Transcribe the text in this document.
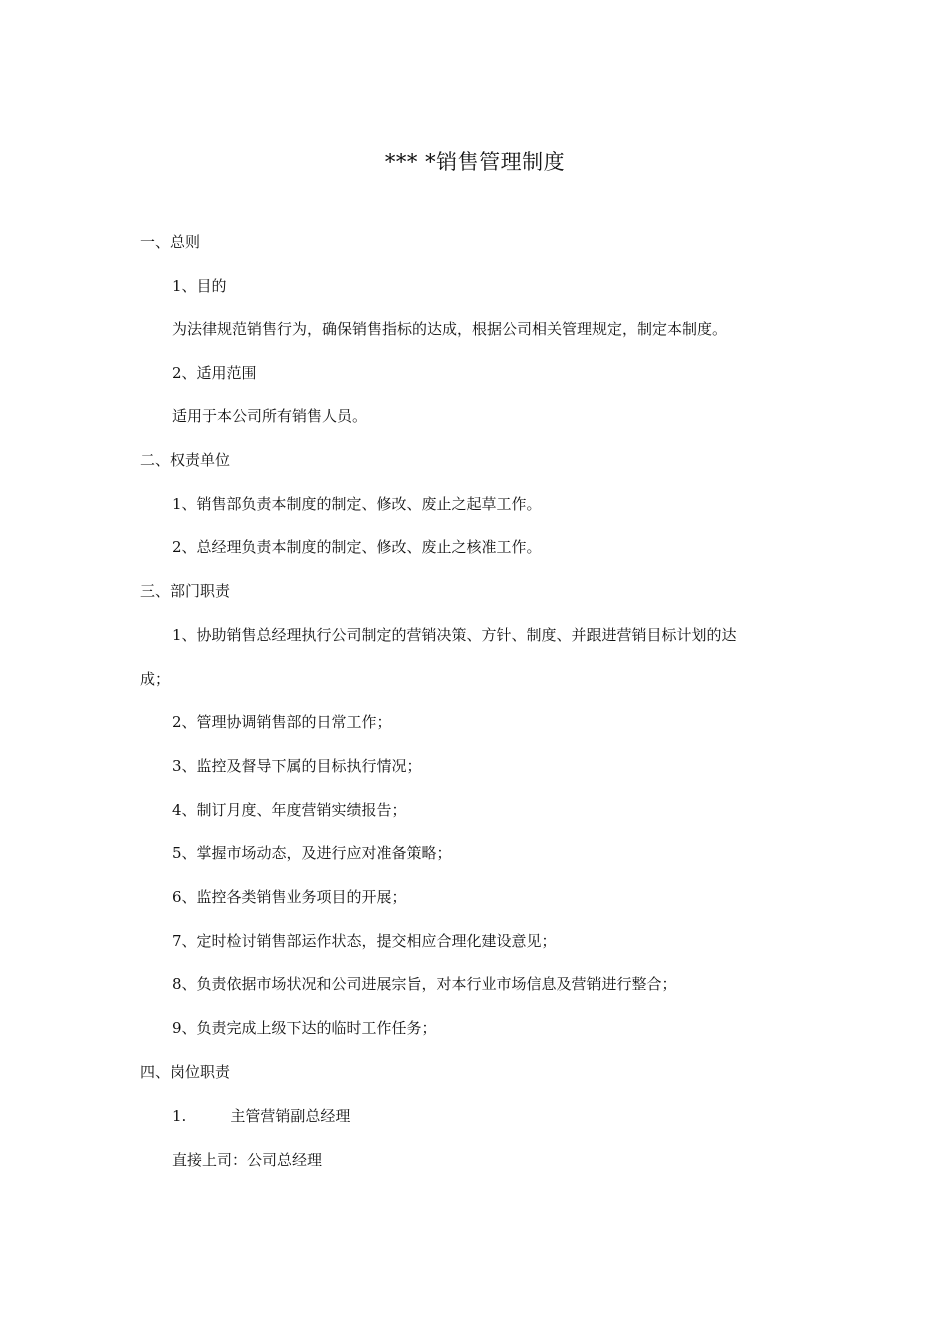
*** *销售管理制度
一、总则
1、目的
为法律规范销售行为，确保销售指标的达成，根据公司相关管理规定，制定本制度。
2、适用范围
适用于本公司所有销售人员。
二、权责单位
1、销售部负责本制度的制定、修改、废止之起草工作。
2、总经理负责本制度的制定、修改、废止之核准工作。
三、部门职责
1、协助销售总经理执行公司制定的营销决策、方针、制度、并跟进营销目标计划的达
成；
2、管理协调销售部的日常工作；
3、监控及督导下属的目标执行情况；
4、制订月度、年度营销实绩报告；
5、掌握市场动态，及进行应对准备策略；
6、监控各类销售业务项目的开展；
7、定时检讨销售部运作状态，提交相应合理化建设意见；
8、负责依据市场状况和公司进展宗旨，对本行业市场信息及营销进行整合；
9、负责完成上级下达的临时工作任务；
四、岗位职责
1.	主管营销副总经理
直接上司：公司总经理
